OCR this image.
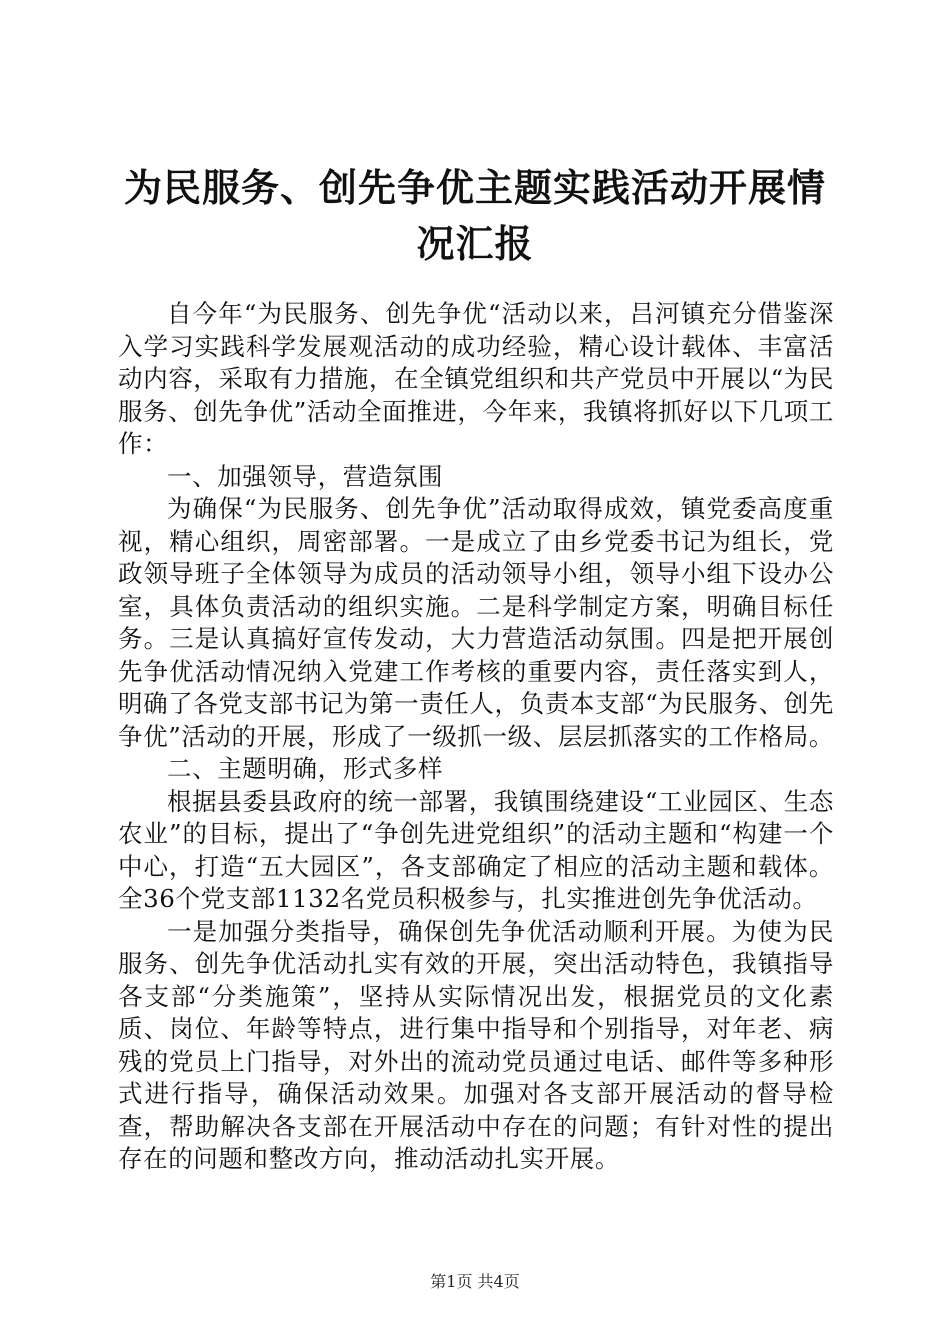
为民服务、创先争优主题实践活动开展情况汇报

自今年“为民服务、创先争优“活动以来，吕河镇充分借鉴深入学习实践科学发展观活动的成功经验，精心设计载体、丰富活动内容，采取有力措施，在全镇党组织和共产党员中开展以“为民服务、创先争优”活动全面推进，今年来，我镇将抓好以下几项工作：

一、加强领导，营造氛围

为确保“为民服务、创先争优”活动取得成效，镇党委高度重视，精心组织，周密部署。一是成立了由乡党委书记为组长，党政领导班子全体领导为成员的活动领导小组，领导小组下设办公室，具体负责活动的组织实施。二是科学制定方案，明确目标任务。三是认真搞好宣传发动，大力营造活动氛围。四是把开展创先争优活动情况纳入党建工作考核的重要内容，责任落实到人，明确了各党支部书记为第一责任人，负责本支部“为民服务、创先争优”活动的开展，形成了一级抓一级、层层抓落实的工作格局。

二、主题明确，形式多样

根据县委县政府的统一部署，我镇围绕建设“工业园区、生态农业”的目标，提出了“争创先进党组织”的活动主题和“构建一个中心，打造“五大园区”，各支部确定了相应的活动主题和载体。全36个党支部1132名党员积极参与，扎实推进创先争优活动。

一是加强分类指导，确保创先争优活动顺利开展。为使为民服务、创先争优活动扎实有效的开展，突出活动特色，我镇指导各支部“分类施策”，坚持从实际情况出发，根据党员的文化素质、岗位、年龄等特点，进行集中指导和个别指导，对年老、病残的党员上门指导，对外出的流动党员通过电话、邮件等多种形式进行指导，确保活动效果。加强对各支部开展活动的督导检查，帮助解决各支部在开展活动中存在的问题；有针对性的提出存在的问题和整改方向，推动活动扎实开展。

第1页 共4页
